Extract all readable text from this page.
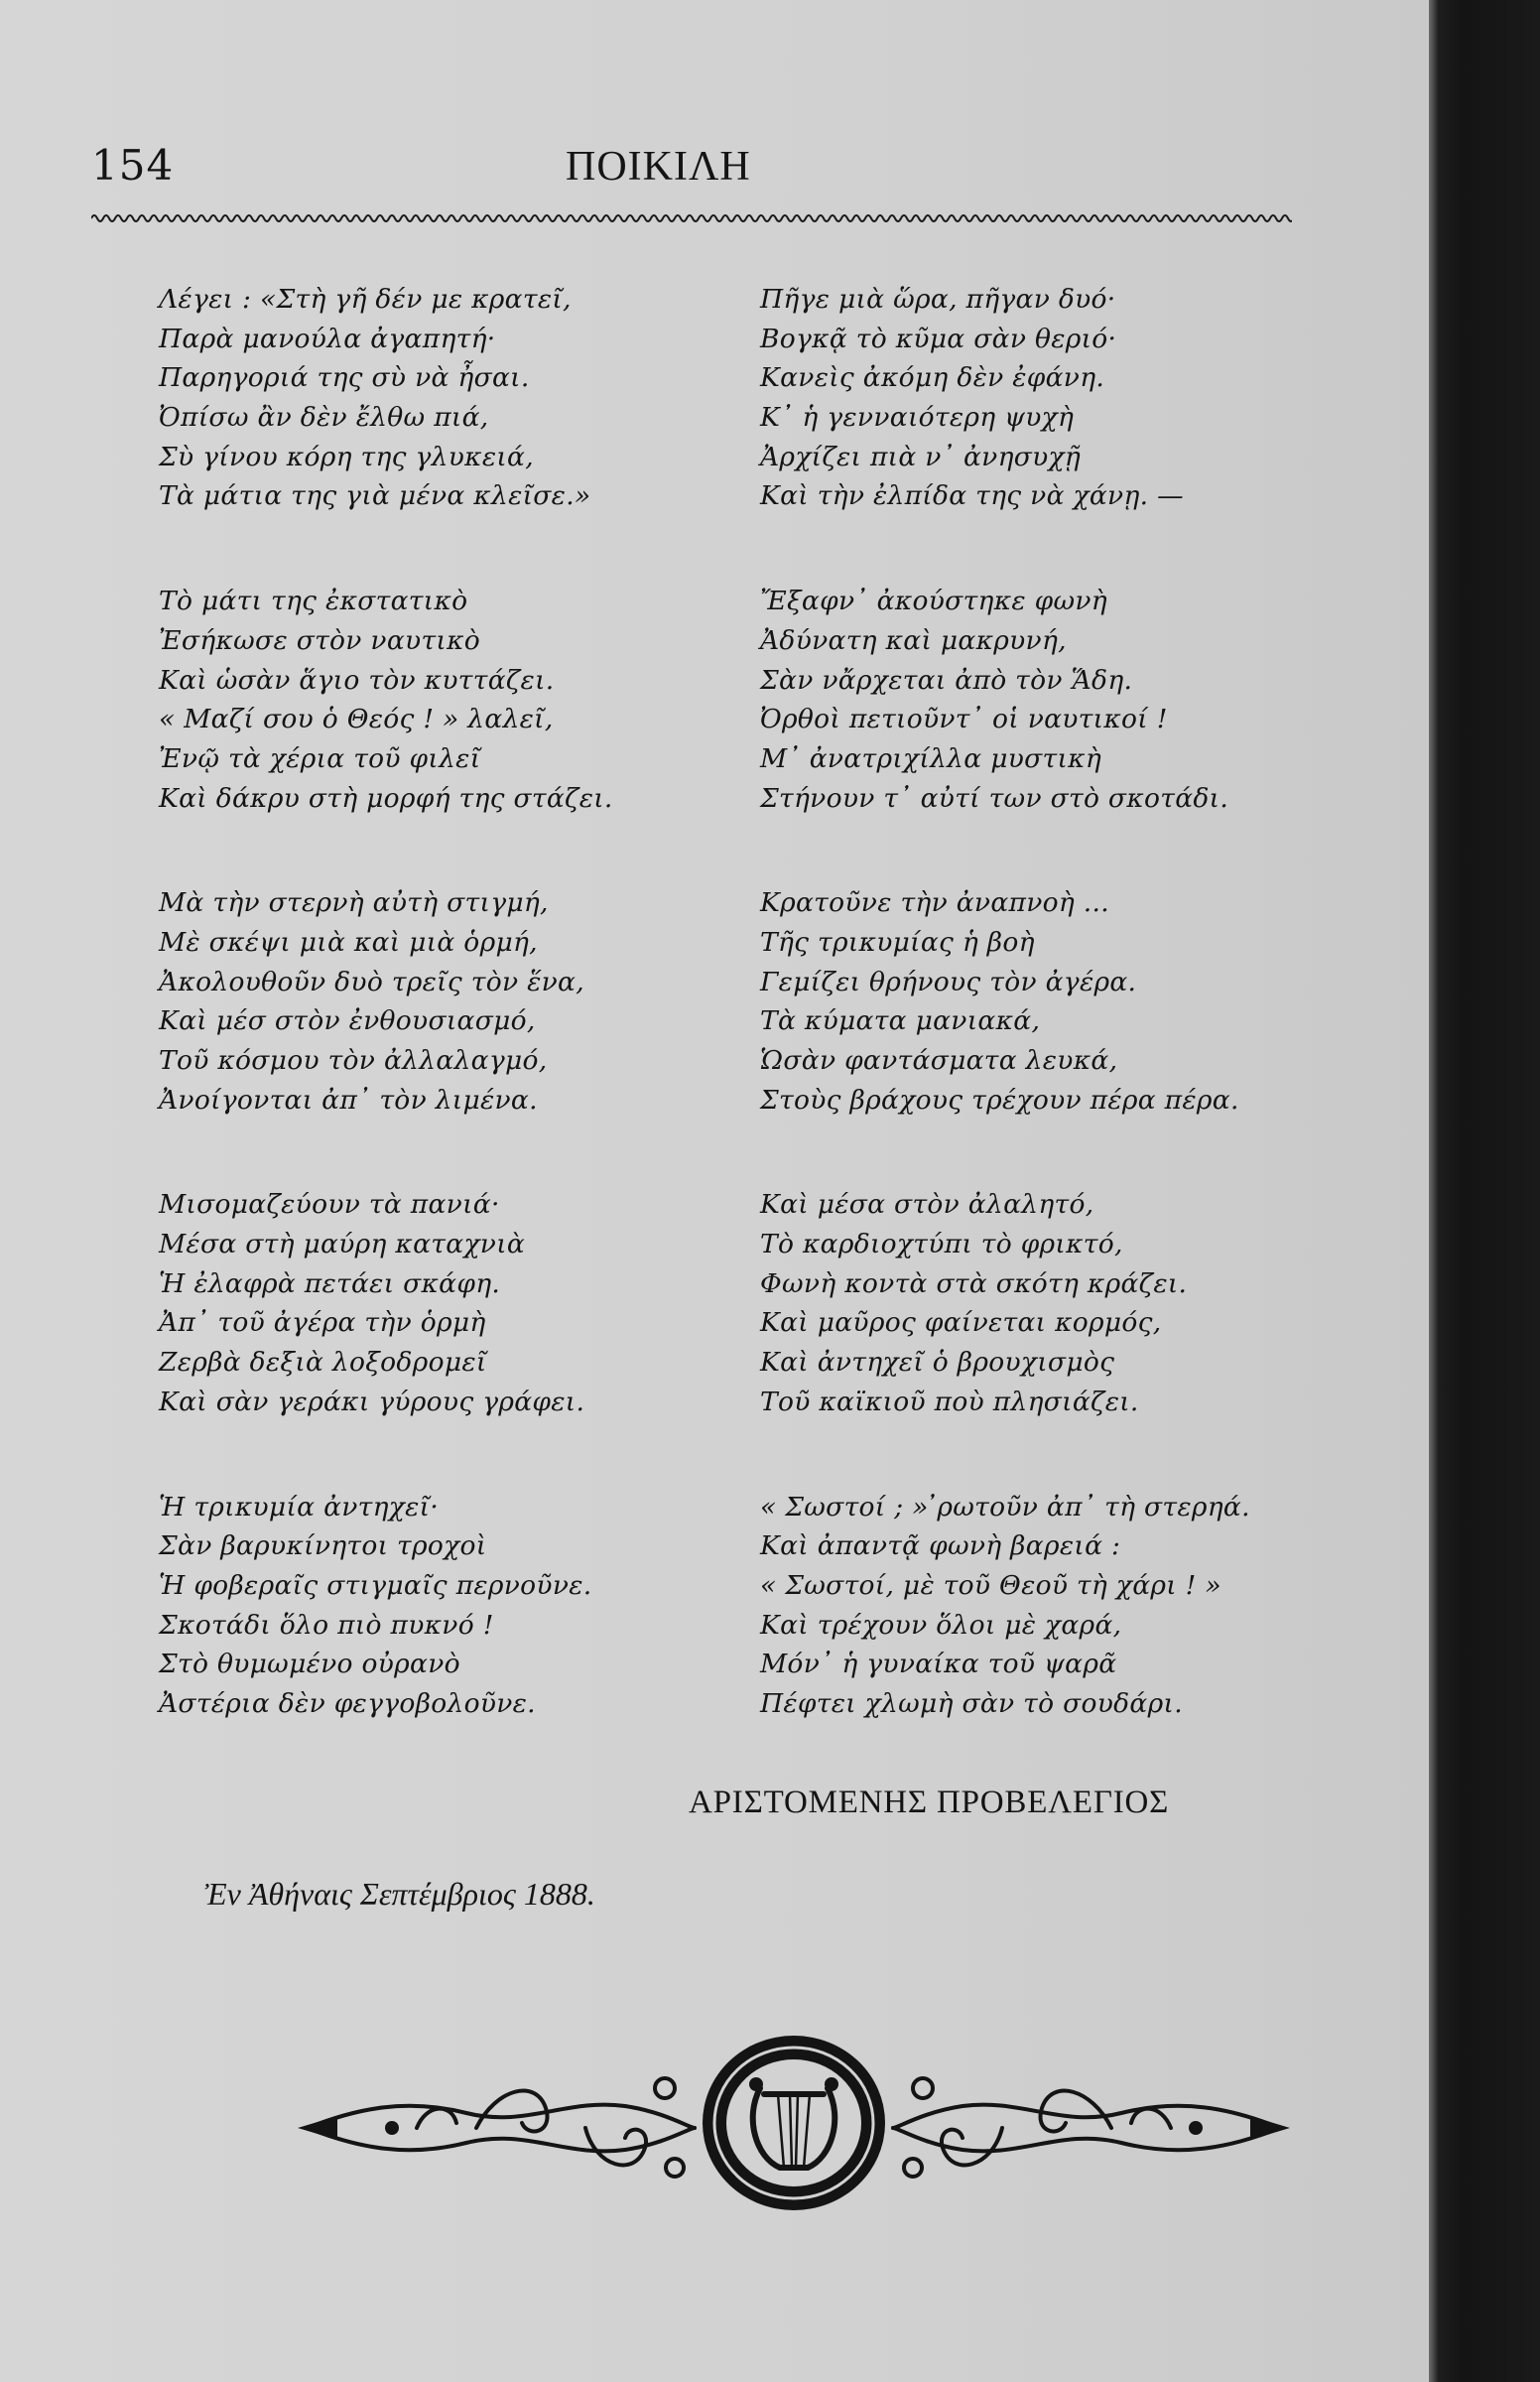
154	ΠΟΙΚΙΛΗ
Λέγει : «Στὴ γῆ δέν με κρατεῖ,
Παρὰ μανούλα ἀγαπητή·
Παρηγοριά της σὺ νὰ ἦσαι.
Ὀπίσω ἂν δὲν ἔλθω πιά,
Σὺ γίνου κόρη της γλυκειά,
Τὰ μάτια της γιὰ μένα κλεῖσε.»
Τὸ μάτι της ἐκστατικὸ
Ἐσήκωσε στὸν ναυτικὸ
Καὶ ὡσὰν ἅγιο τὸν κυττάζει.
« Μαζί σου ὁ Θεός ! » λαλεῖ,
Ἐνῷ τὰ χέρια τοῦ φιλεῖ
Καὶ δάκρυ στὴ μορφή της στάζει.
Μὰ τὴν στερνὴ αὐτὴ στιγμή,
Μὲ σκέψι μιὰ καὶ μιὰ ὁρμή,
Ἀκολουθοῦν δυὸ τρεῖς τὸν ἕνα,
Καὶ μέσ στὸν ἐνθουσιασμό,
Τοῦ κόσμου τὸν ἀλλαλαγμό,
Ἀνοίγονται ἀπ᾽ τὸν λιμένα.
Μισομαζεύουν τὰ πανιά·
Μέσα στὴ μαύρη καταχνιὰ
Ἡ ἐλαφρὰ πετάει σκάφη.
Ἀπ᾽ τοῦ ἀγέρα τὴν ὁρμὴ
Ζερβὰ δεξιὰ λοξοδρομεῖ
Καὶ σὰν γεράκι γύρους γράφει.
Ἡ τρικυμία ἀντηχεῖ·
Σὰν βαρυκίνητοι τροχοὶ
Ἡ φοβεραῖς στιγμαῖς περνοῦνε.
Σκοτάδι ὅλο πιὸ πυκνό !
Στὸ θυμωμένο οὐρανὸ
Ἀστέρια δὲν φεγγοβολοῦνε.
Πῆγε μιὰ ὥρα, πῆγαν δυό·
Βογκᾷ τὸ κῦμα σὰν θεριό·
Κανεὶς ἀκόμη δὲν ἐφάνη.
Κ᾽ ἡ γενναιότερη ψυχὴ
Ἀρχίζει πιὰ ν᾽ ἀνησυχῇ
Καὶ τὴν ἐλπίδα της νὰ χάνῃ. —
Ἔξαφν᾽ ἀκούστηκε φωνὴ
Ἀδύνατη καὶ μακρυνή,
Σὰν νἄρχεται ἀπὸ τὸν Ἅδη.
Ὀρθοὶ πετιοῦντ᾽ οἱ ναυτικοί !
Μ᾽ ἀνατριχίλλα μυστικὴ
Στήνουν τ᾽ αὐτί των στὸ σκοτάδι.
Κρατοῦνε τὴν ἀναπνοὴ ...
Τῆς τρικυμίας ἡ βοὴ
Γεμίζει θρήνους τὸν ἀγέρα.
Τὰ κύματα μανιακά,
Ὡσὰν φαντάσματα λευκά,
Στοὺς βράχους τρέχουν πέρα πέρα.
Καὶ μέσα στὸν ἀλαλητό,
Τὸ καρδιοχτύπι τὸ φρικτό,
Φωνὴ κοντὰ στὰ σκότη κράζει.
Καὶ μαῦρος φαίνεται κορμός,
Καὶ ἀντηχεῖ ὁ βρουχισμὸς
Τοῦ καϊκιοῦ ποὺ πλησιάζει.
« Σωστοί ; » ̓ρωτοῦν ἀπ᾽ τὴ στερηά.
Καὶ ἀπαντᾷ φωνὴ βαρειά :
« Σωστοί, μὲ τοῦ Θεοῦ τὴ χάρι ! »
Καὶ τρέχουν ὅλοι μὲ χαρά,
Μόν᾽ ἡ γυναίκα τοῦ ψαρᾶ
Πέφτει χλωμὴ σὰν τὸ σουδάρι.
ΑΡΙΣΤΟΜΕΝΗΣ ΠΡΟΒΕΛΕΓΙΟΣ
Ἐν Ἀθήναις Σεπτέμβριος 1888.
